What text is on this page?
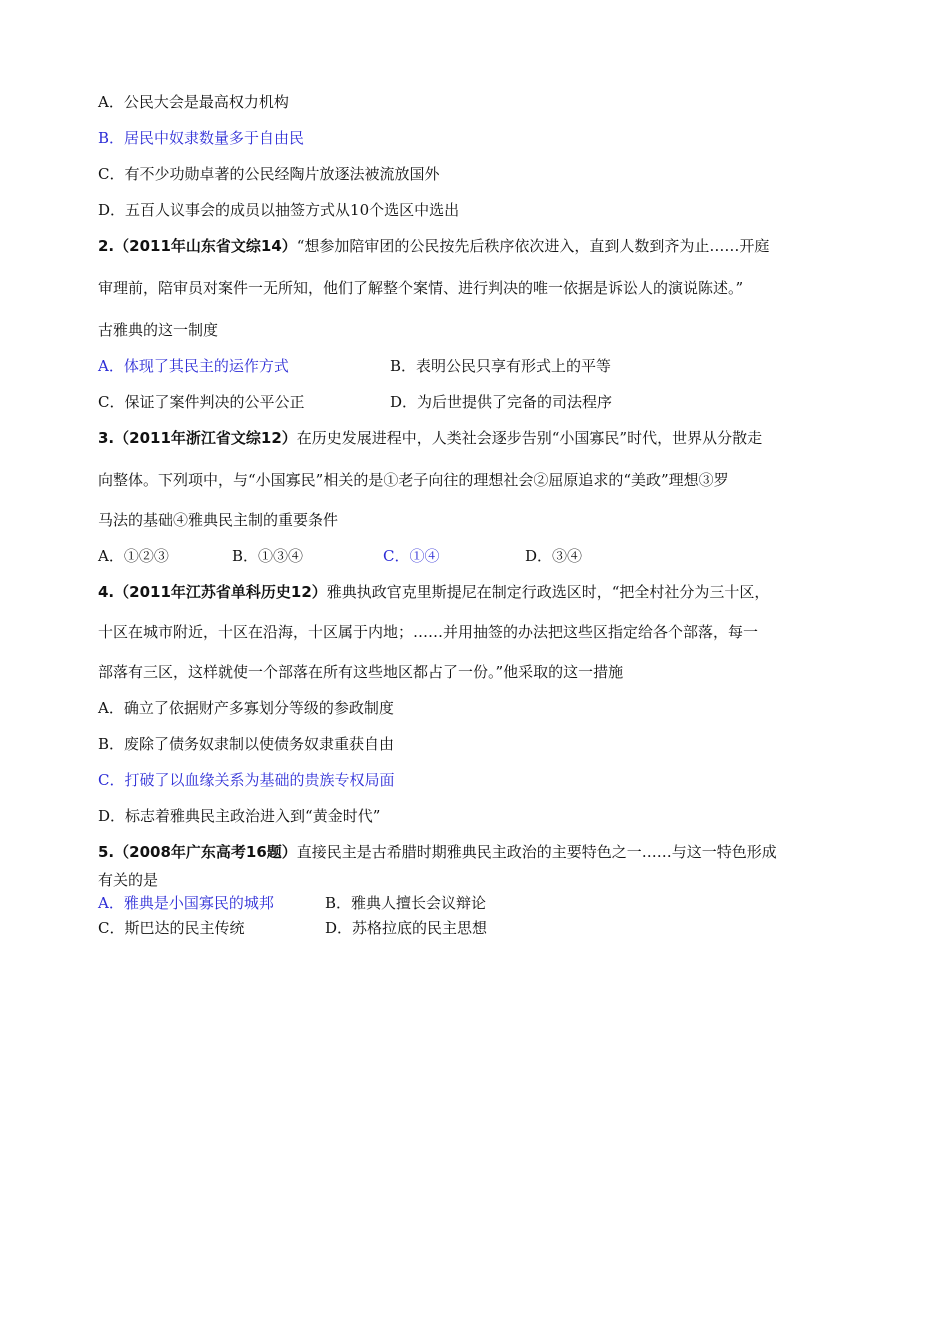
A．公民大会是最高权力机构
B．居民中奴隶数量多于自由民
C．有不少功勋卓著的公民经陶片放逐法被流放国外
D．五百人议事会的成员以抽签方式从10个选区中选出
2.（2011年山东省文综14）“想参加陪审团的公民按先后秩序依次进入，直到人数到齐为止……开庭
审理前，陪审员对案件一无所知，他们了解整个案情、进行判决的唯一依据是诉讼人的演说陈述。”
古雅典的这一制度
A．体现了其民主的运作方式	B．表明公民只享有形式上的平等
C．保证了案件判决的公平公正	D．为后世提供了完备的司法程序
3.（2011年浙江省文综12）在历史发展进程中，人类社会逐步告别“小国寡民”时代，世界从分散走
向整体。下列项中，与“小国寡民”相关的是①老子向往的理想社会②屈原追求的“美政”理想③罗
马法的基础④雅典民主制的重要条件
A．①②③	B．①③④	C．①④	D．③④
4.（2011年江苏省单科历史12）雅典执政官克里斯提尼在制定行政选区时，“把全村社分为三十区，
十区在城市附近，十区在沿海，十区属于内地；……并用抽签的办法把这些区指定给各个部落，每一
部落有三区，这样就使一个部落在所有这些地区都占了一份。”他采取的这一措施
A．确立了依据财产多寡划分等级的参政制度
B．废除了债务奴隶制以使债务奴隶重获自由
C．打破了以血缘关系为基础的贵族专权局面
D．标志着雅典民主政治进入到“黄金时代”
5.（2008年广东高考16题）直接民主是古希腊时期雅典民主政治的主要特色之一……与这一特色形成
有关的是
A．雅典是小国寡民的城邦	B．雅典人擅长会议辩论
C．斯巴达的民主传统	D．苏格拉底的民主思想
